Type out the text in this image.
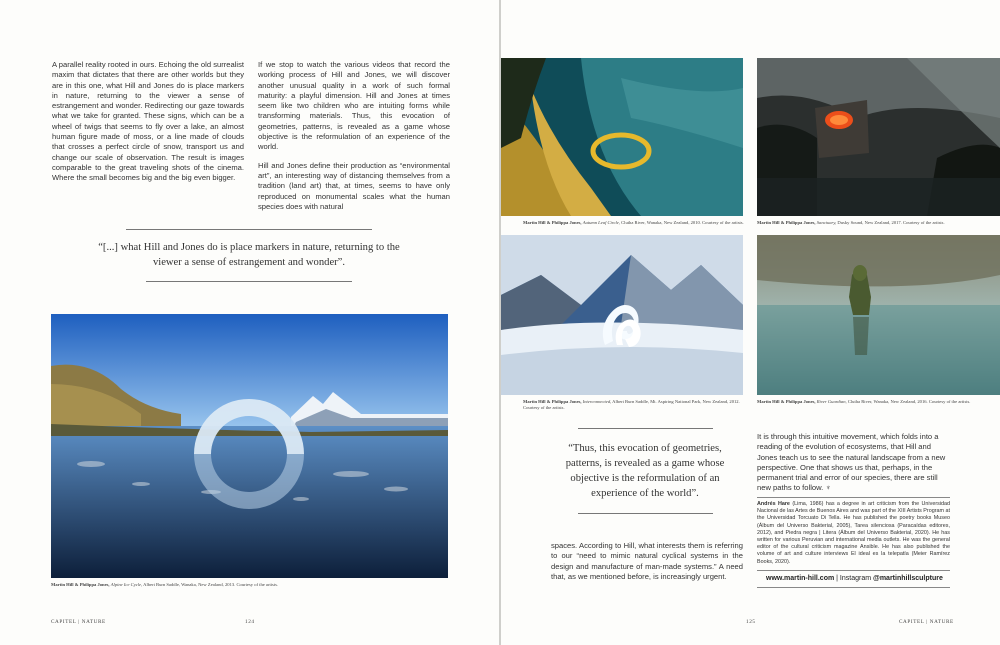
A parallel reality rooted in ours. Echoing the old surrealist maxim that dictates that there are other worlds but they are in this one, what Hill and Jones do is place markers in nature, returning to the viewer a sense of estrangement and wonder. Redirecting our gaze towards what we take for granted. These signs, which can be a wheel of twigs that seems to fly over a lake, an almost human figure made of moss, or a line made of clouds that crosses a perfect circle of snow, transport us and change our scale of observation. The result is images comparable to the great traveling shots of the cinema. Where the small becomes big and the big even bigger.

If we stop to watch the various videos that record the working process of Hill and Jones, we will discover another unusual quality in a work of such formal maturity: a playful dimension. Hill and Jones at times seem like two children who are intuiting forms while transforming materials. Thus, this evocation of geometries, patterns, is revealed as a game whose objective is the reformulation of an experience of the world.

Hill and Jones define their production as “environmental art”, an interesting way of distancing themselves from a tradition (land art) that, at times, seems to have only reproduced on monumental scales what the human species does with natural

“[...] what Hill and Jones do is place markers in nature, returning to the viewer a sense of estrangement and wonder”.
Martin Hill & Philippa Jones, Alpine Ice Cycle, Albert Burn Saddle, Wanaka, New Zealand, 2013. Courtesy of the artists.
CAPITEL | NATURE	124
Martin Hill & Philippa Jones, Autumn Leaf Circle, Clutha River, Wanaka, New Zealand, 2010. Courtesy of the artists.	Martin Hill & Philippa Jones, Sanctuary, Dusky Sound, New Zealand, 2017. Courtesy of the artists.
Martin Hill & Philippa Jones, Interconnected, Albert Burn Saddle, Mt. Aspiring National Park, New Zealand, 2012. Courtesy of the artists.
Martin Hill & Philippa Jones, River Guardian, Clutha River, Wanaka, New Zealand, 2016. Courtesy of the artists.
“Thus, this evocation of geometries, patterns, is revealed as a game whose objective is the reformulation of an experience of the world”.

spaces. According to Hill, what interests them is referring to our “need to mimic natural cyclical systems in the design and manufacture of man-made systems.” A need that, as we mentioned before, is increasingly urgent.

It is through this intuitive movement, which folds into a reading of the evolution of ecosystems, that Hill and Jones teach us to see the natural landscape from a new perspective. One that shows us that, perhaps, in the permanent trial and error of our species, there are still new paths to follow. ♆

Andrés Hare (Lima, 1986) has a degree in art criticism from the Universidad Nacional de las Artes de Buenos Aires and was part of the XIII Artists Program at the Universidad Torcuato Di Tella. He has published the poetry books Museo (Álbum del Universo Bakterial, 2005), Tarea silenciosa (Paracaídas editores, 2012), and Piedra negra | Litera (Álbum del Universo Bakterial, 2020). He has written for various Peruvian and international media outlets. He was the general editor of the cultural criticism magazine Ansible. He has also published the volume of art and culture interviews El ideal es la telepatía (Meier Ramírez Books, 2020).
www.martin-hill.com | Instagram @martinhillsculpture
125	CAPITEL | NATURE
